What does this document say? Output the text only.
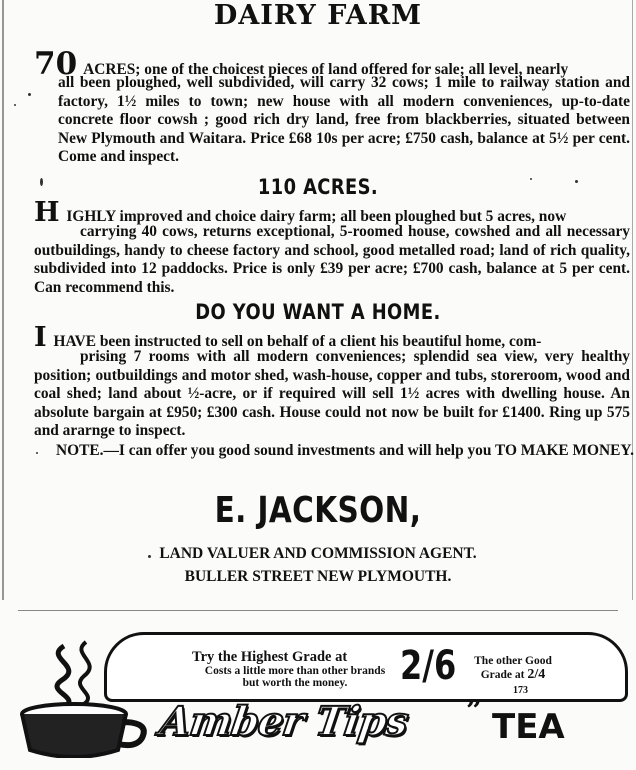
DAIRY FARM
70 ACRES; one of the choicest pieces of land offered for sale; all level, nearly
all been ploughed, well subdivided, will carry 32 cows; 1 mile to railway station and factory, 1½ miles to town; new house with all modern conveniences, up-to-date concrete floor cowsh ; good rich dry land, free from blackberries, situated between New Plymouth and Waitara. Price £68 10s per acre; £750 cash, balance at 5½ per cent. Come and inspect.
110 ACRES.
H IGHLY improved and choice dairy farm; all been ploughed but 5 acres, now
carrying 40 cows, returns exceptional, 5-roomed house, cowshed and all necessary outbuildings, handy to cheese factory and school, good metalled road; land of rich quality, subdivided into 12 paddocks. Price is only £39 per acre; £700 cash, balance at 5 per cent. Can recommend this.
DO YOU WANT A HOME.
I HAVE been instructed to sell on behalf of a client his beautiful home, com-
prising 7 rooms with all modern conveniences; splendid sea view, very healthy position; outbuildings and motor shed, wash-house, copper and tubs, storeroom, wood and coal shed; land about ½-acre, or if required will sell 1½ acres with dwelling house. An absolute bargain at £950; £300 cash. House could not now be built for £1400. Ring up 575 and ararnge to inspect.
NOTE.—I can offer you good sound investments and will help you TO MAKE MONEY.
E. JACKSON,
LAND VALUER AND COMMISSION AGENT.
BULLER STREET NEW PLYMOUTH.
Try the Highest Grade at
Costs a little more than other brands but worth the money.	2/6	The other Good Grade at 2/4
173
Amber Tips ” TEA
